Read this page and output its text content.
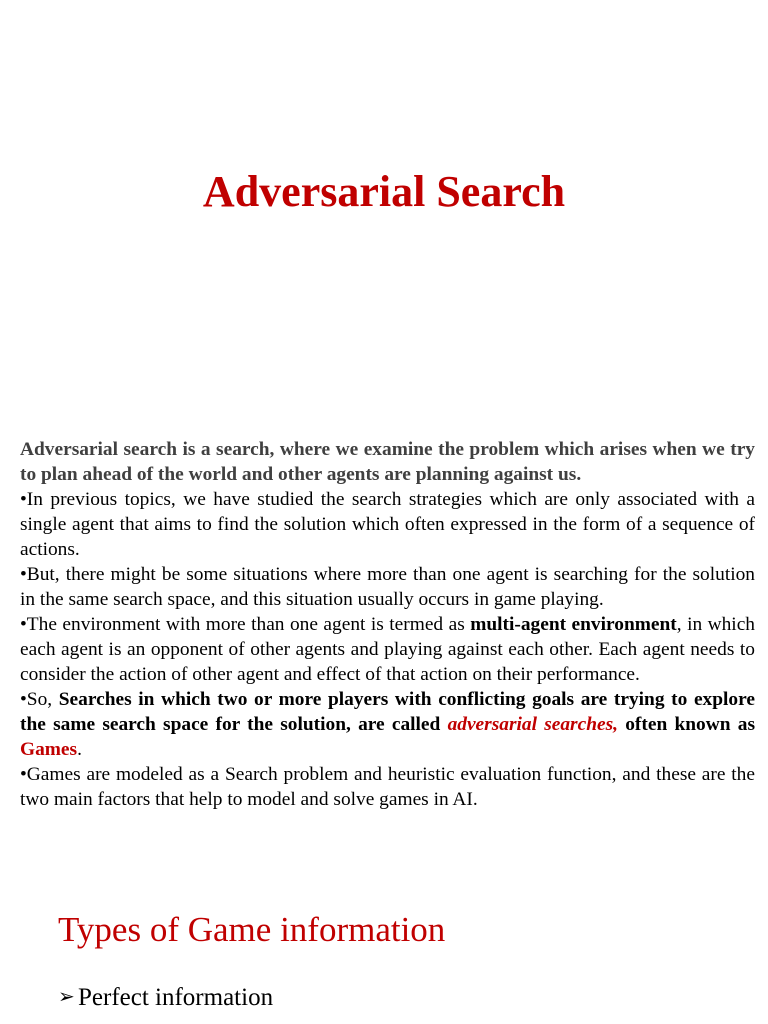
Adversarial Search

Adversarial search is a search, where we examine the problem which arises when we try to plan ahead of the world and other agents are planning against us.

•In previous topics, we have studied the search strategies which are only associated with a single agent that aims to find the solution which often expressed in the form of a sequence of actions.

•But, there might be some situations where more than one agent is searching for the solution in the same search space, and this situation usually occurs in game playing.

•The environment with more than one agent is termed as multi-agent environment, in which each agent is an opponent of other agents and playing against each other. Each agent needs to consider the action of other agent and effect of that action on their performance.

•So, Searches in which two or more players with conflicting goals are trying to explore the same search space for the solution, are called adversarial searches, often known as Games.

•Games are modeled as a Search problem and heuristic evaluation function, and these are the two main factors that help to model and solve games in AI.

Types of Game information
➢ Perfect information
